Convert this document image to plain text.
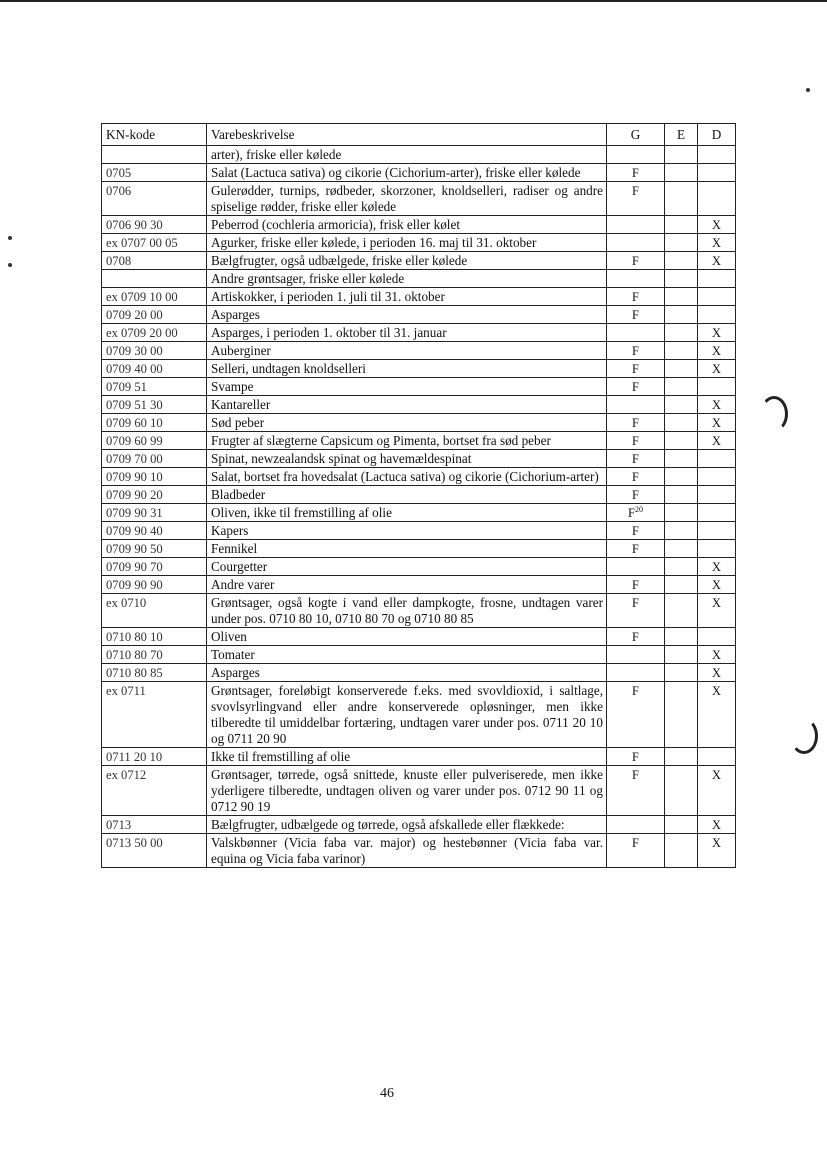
KN-kode	Varebeskrivelse	G	E	D
	arter), friske eller kølede			
0705	Salat (Lactuca sativa) og cikorie (Cichorium-arter), friske eller kølede	F		
0706	Gulerødder, turnips, rødbeder, skorzoner, knoldselleri, radiser og andre spiselige rødder, friske eller kølede	F		
0706 90 30	Peberrod (cochleria armoricia), frisk eller kølet			X
ex 0707 00 05	Agurker, friske eller kølede, i perioden 16. maj til 31. oktober			X
0708	Bælgfrugter, også udbælgede, friske eller kølede	F		X
	Andre grøntsager, friske eller kølede			
ex 0709 10 00	Artiskokker, i perioden 1. juli til 31. oktober	F		
0709 20 00	Asparges	F		
ex 0709 20 00	Asparges, i perioden 1. oktober til 31. januar			X
0709 30 00	Auberginer	F		X
0709 40 00	Selleri, undtagen knoldselleri	F		X
0709 51	Svampe	F		
0709 51 30	Kantareller			X
0709 60 10	Sød peber	F		X
0709 60 99	Frugter af slægterne Capsicum og Pimenta, bortset fra sød peber	F		X
0709 70 00	Spinat, newzealandsk spinat og havemældespinat	F		
0709 90 10	Salat, bortset fra hovedsalat (Lactuca sativa) og cikorie (Cichorium-arter)	F		
0709 90 20	Bladbeder	F		
0709 90 31	Oliven, ikke til fremstilling af olie	$F^{20}$		
0709 90 40	Kapers	F		
0709 90 50	Fennikel	F		
0709 90 70	Courgetter			X
0709 90 90	Andre varer	F		X
ex 0710	Grøntsager, også kogte i vand eller dampkogte, frosne, undtagen varer under pos. 0710 80 10, 0710 80 70 og 0710 80 85	F		X
0710 80 10	Oliven	F		
0710 80 70	Tomater			X
0710 80 85	Asparges			X
ex 0711	Grøntsager, foreløbigt konserverede f.eks. med svovldioxid, i saltlage, svovlsyrlingvand eller andre konserverede opløsninger, men ikke tilberedte til umiddelbar fortæring, undtagen varer under pos. 0711 20 10 og 0711 20 90	F		X
0711 20 10	Ikke til fremstilling af olie	F		
ex 0712	Grøntsager, tørrede, også snittede, knuste eller pulveriserede, men ikke yderligere tilberedte, undtagen oliven og varer under pos. 0712 90 11 og 0712 90 19	F		X
0713	Bælgfrugter, udbælgede og tørrede, også afskallede eller flækkede:			X
0713 50 00	Valskbønner (Vicia faba var. major) og hestebønner (Vicia faba var. equina og Vicia faba varinor)	F		X
46
